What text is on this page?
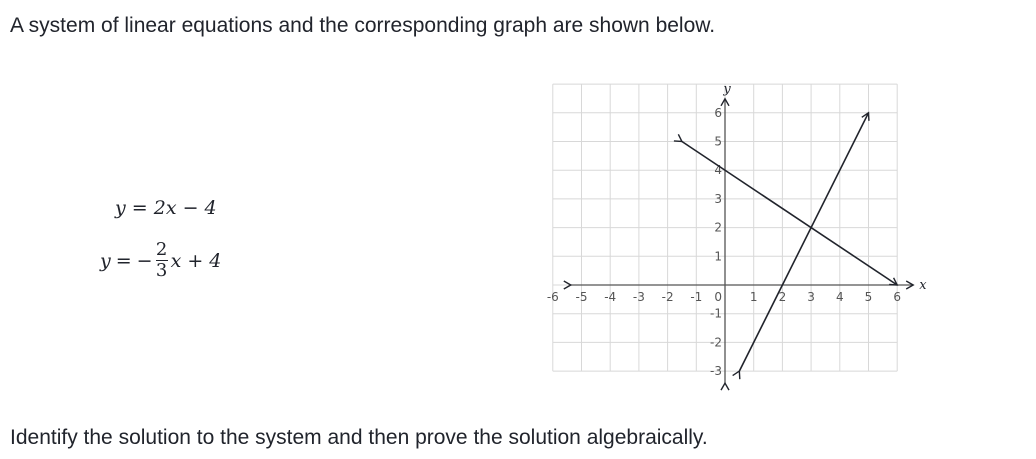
A system of linear equations and the corresponding graph are shown below.

y = 2x − 4
y = − $\frac{2}{3}$ x + 4
-6 -5 -4 -3 -2 -1 0 1 2 3 4 5 6
6
5
4
3
2
1
-1
-2
-3
x
y

Identify the solution to the system and then prove the solution algebraically.
